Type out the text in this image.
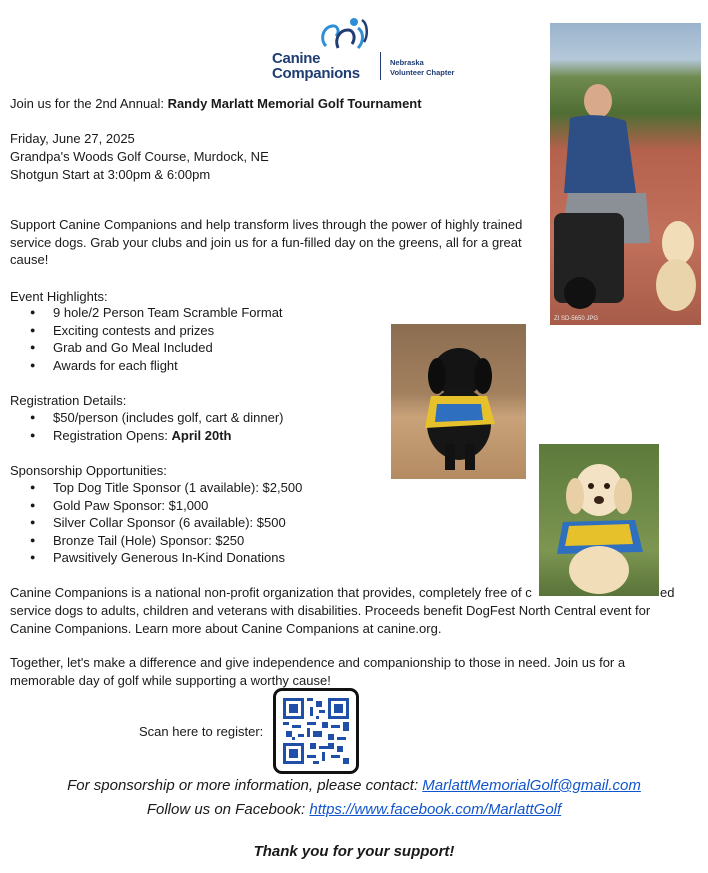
Canine
Companions
Nebraska
Volunteer Chapter
ZI SD-5650 JPG
Join us for the 2nd Annual: Randy Marlatt Memorial Golf Tournament
Friday, June 27, 2025
Grandpa's Woods Golf Course, Murdock, NE
Shotgun Start at 3:00pm & 6:00pm
Support Canine Companions and help transform lives through the power of highly trained service dogs. Grab your clubs and join us for a fun-filled day on the greens, all for a great cause!
Event Highlights:
● 9 hole/2 Person Team Scramble Format
● Exciting contests and prizes
● Grab and Go Meal Included
● Awards for each flight
Registration Details:
● $50/person (includes golf, cart & dinner)
● Registration Opens: April 20th
Sponsorship Opportunities:
● Top Dog Title Sponsor (1 available): $2,500
● Gold Paw Sponsor: $1,000
● Silver Collar Sponsor (6 available): $500
● Bronze Tail (Hole) Sponsor: $250
● Pawsitively Generous In-Kind Donations
Canine Companions is a national non-profit organization that provides, completely free of c	ed
service dogs to adults, children and veterans with disabilities. Proceeds benefit DogFest North Central event for
Canine Companions. Learn more about Canine Companions at canine.org.
Together, let's make a difference and give independence and companionship to those in need. Join us for a memorable day of golf while supporting a worthy cause!
Scan here to register:
For sponsorship or more information, please contact: MarlattMemorialGolf@gmail.com
Follow us on Facebook: https://www.facebook.com/MarlattGolf
Thank you for your support!
